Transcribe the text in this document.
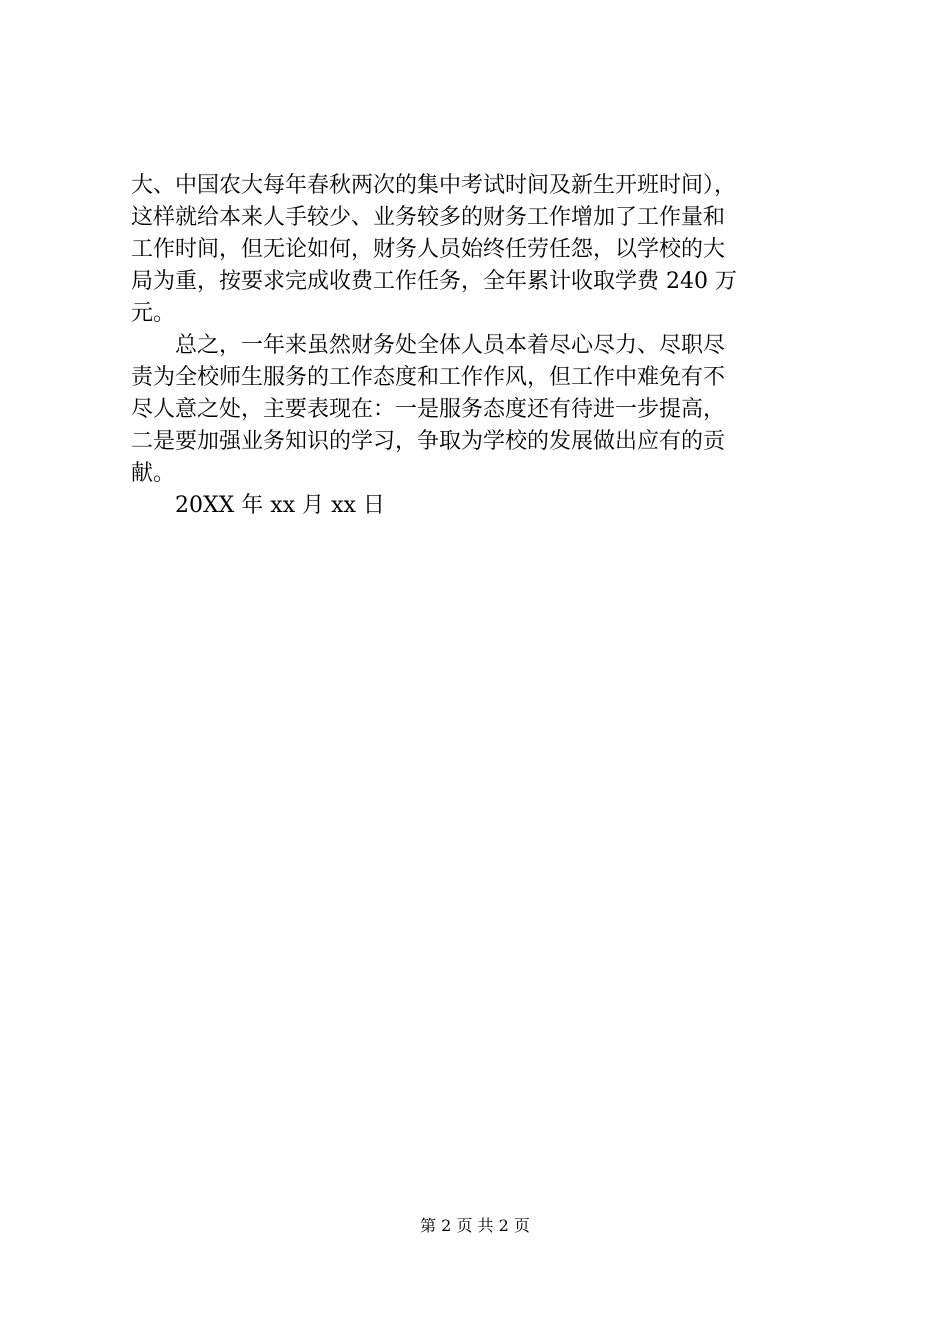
大、中国农大每年春秋两次的集中考试时间及新生开班时间），
这样就给本来人手较少、业务较多的财务工作增加了工作量和
工作时间，但无论如何，财务人员始终任劳任怨，以学校的大
局为重，按要求完成收费工作任务，全年累计收取学费 240 万
元。
总之，一年来虽然财务处全体人员本着尽心尽力、尽职尽
责为全校师生服务的工作态度和工作作风，但工作中难免有不
尽人意之处，主要表现在：一是服务态度还有待进一步提高，
二是要加强业务知识的学习，争取为学校的发展做出应有的贡
献。
20XX 年 xx 月 xx 日
第 2 页 共 2 页
